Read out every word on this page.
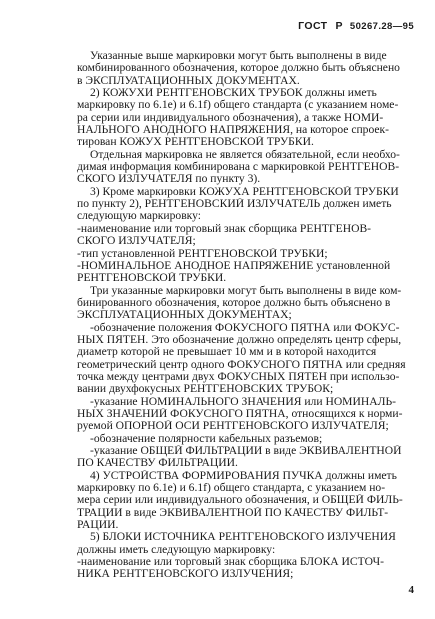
ГОСТ Р 50267.28—95
Указанные выше маркировки могут быть выполнены в виде
комбинированного обозначения, которое должно быть объяснено
в ЭКСПЛУАТАЦИОННЫХ ДОКУМЕНТАХ.
2) КОЖУХИ РЕНТГЕНОВСКИХ ТРУБОК должны иметь
маркировку по 6.1е) и 6.1f) общего стандарта (с указанием номе-
ра серии или индивидуального обозначения), а также НОМИ-
НАЛЬНОГО АНОДНОГО НАПРЯЖЕНИЯ, на которое спроек-
тирован КОЖУХ РЕНТГЕНОВСКОЙ ТРУБКИ.
Отдельная маркировка не является обязательной, если необхо-
димая информация комбинирована с маркировкой РЕНТГЕНОВ-
СКОГО ИЗЛУЧАТЕЛЯ по пункту 3).
3) Кроме маркировки КОЖУХА РЕНТГЕНОВСКОЙ ТРУБКИ
по пункту 2), РЕНТГЕНОВСКИЙ ИЗЛУЧАТЕЛЬ должен иметь
следующую маркировку:
-наименование или торговый знак сборщика РЕНТГЕНОВ-
СКОГО ИЗЛУЧАТЕЛЯ;
-тип установленной РЕНТГЕНОВСКОЙ ТРУБКИ;
-НОМИНАЛЬНОЕ АНОДНОЕ НАПРЯЖЕНИЕ установленной
РЕНТГЕНОВСКОЙ ТРУБКИ.
Три указанные маркировки могут быть выполнены в виде ком-
бинированного обозначения, которое должно быть объяснено в
ЭКСПЛУАТАЦИОННЫХ ДОКУМЕНТАХ;
-обозначение положения ФОКУСНОГО ПЯТНА или ФОКУС-
НЫХ ПЯТЕН. Это обозначение должно определять центр сферы,
диаметр которой не превышает 10 мм и в которой находится
геометрический центр одного ФОКУСНОГО ПЯТНА или средняя
точка между центрами двух ФОКУСНЫХ ПЯТЕН при использо-
вании двухфокусных РЕНТГЕНОВСКИХ ТРУБОК;
-указание НОМИНАЛЬНОГО ЗНАЧЕНИЯ или НОМИНАЛЬ-
НЫХ ЗНАЧЕНИЙ ФОКУСНОГО ПЯТНА, относящихся к норми-
руемой ОПОРНОЙ ОСИ РЕНТГЕНОВСКОГО ИЗЛУЧАТЕЛЯ;
-обозначение полярности кабельных разъемов;
-указание ОБЩЕЙ ФИЛЬТРАЦИИ в виде ЭКВИВАЛЕНТНОЙ
ПО КАЧЕСТВУ ФИЛЬТРАЦИИ.
4) УСТРОЙСТВА ФОРМИРОВАНИЯ ПУЧКА должны иметь
маркировку по 6.1е) и 6.1f) общего стандарта, с указанием но-
мера серии или индивидуального обозначения, и ОБЩЕЙ ФИЛЬ-
ТРАЦИИ в виде ЭКВИВАЛЕНТНОЙ ПО КАЧЕСТВУ ФИЛЬТ-
РАЦИИ.
5) БЛОКИ ИСТОЧНИКА РЕНТГЕНОВСКОГО ИЗЛУЧЕНИЯ
должны иметь следующую маркировку:
-наименование или торговый знак сборщика БЛОКА ИСТОЧ-
НИКА РЕНТГЕНОВСКОГО ИЗЛУЧЕНИЯ;
4
